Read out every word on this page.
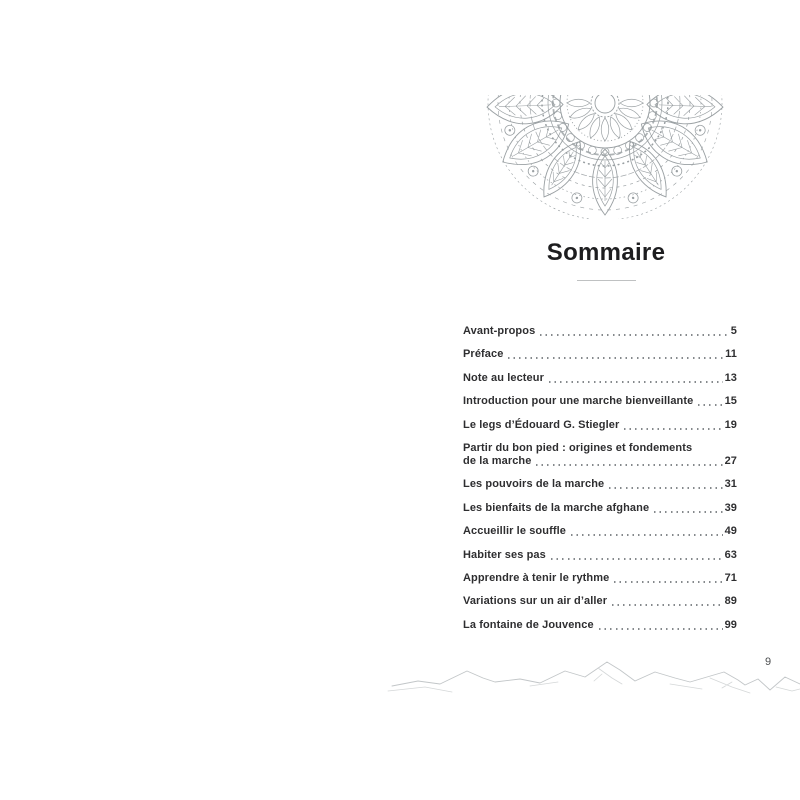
Sommaire
Avant-propos	5
Préface	11
Note au lecteur	13
Introduction pour une marche bienveillante	15
Le legs d’Édouard G. Stiegler	19
Partir du bon pied : origines et fondements
de la marche	27
Les pouvoirs de la marche	31
Les bienfaits de la marche afghane	39
Accueillir le souffle	49
Habiter ses pas	63
Apprendre à tenir le rythme	71
Variations sur un air d’aller	89
La fontaine de Jouvence	99
9
